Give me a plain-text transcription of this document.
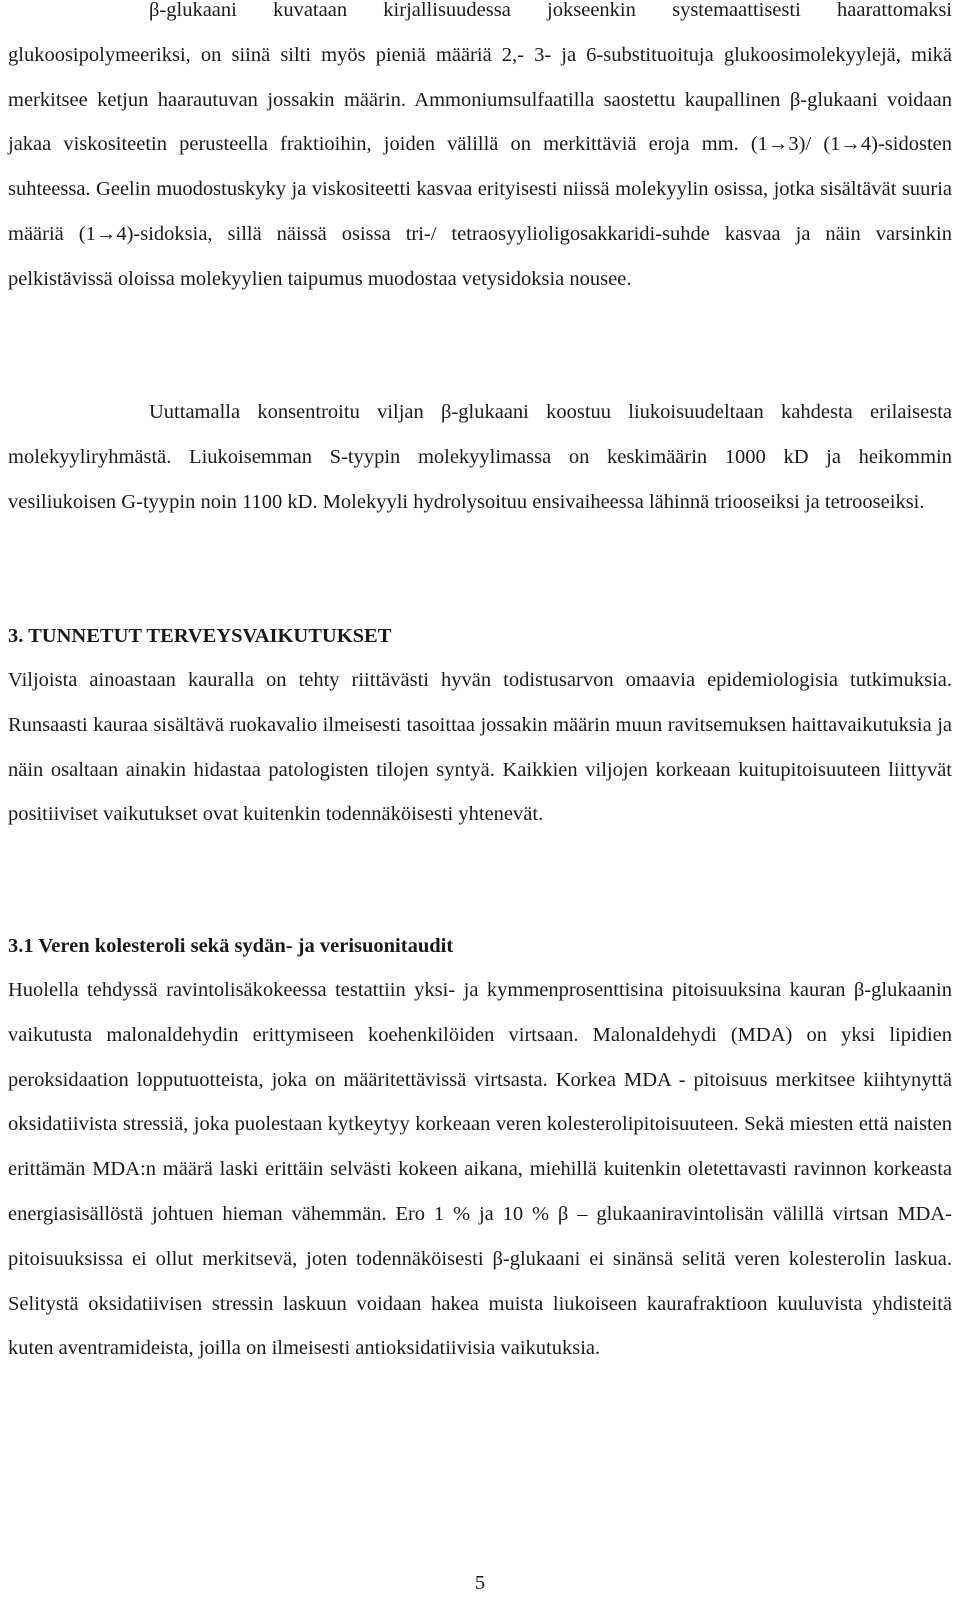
β-glukaani kuvataan kirjallisuudessa jokseenkin systemaattisesti haarattomaksi glukoosipolymeeriksi, on siinä silti myös pieniä määriä 2,- 3- ja 6-substituoituja glukoosimolekyylejä, mikä merkitsee ketjun haarautuvan jossakin määrin. Ammoniumsulfaatilla saostettu kaupallinen β-glukaani voidaan jakaa viskositeetin perusteella fraktioihin, joiden välillä on merkittäviä eroja mm. (1→3)/ (1→4)-sidosten suhteessa. Geelin muodostuskyky ja viskositeetti kasvaa erityisesti niissä molekyylin osissa, jotka sisältävät suuria määriä (1→4)-sidoksia, sillä näissä osissa tri-/ tetraosyylioligosakkaridi-suhde kasvaa ja näin varsinkin pelkistävissä oloissa molekyylien taipumus muodostaa vetysidoksia nousee.

Uuttamalla konsentroitu viljan β-glukaani koostuu liukoisuudeltaan kahdesta erilaisesta molekyyliryhmästä. Liukoisemman S-tyypin molekyylimassa on keskimäärin 1000 kD ja heikommin vesiliukoisen G-tyypin noin 1100 kD. Molekyyli hydrolysoituu ensivaiheessa lähinnä triooseiksi ja tetrooseiksi.

3. TUNNETUT TERVEYSVAIKUTUKSET

Viljoista ainoastaan kauralla on tehty riittävästi hyvän todistusarvon omaavia epidemiologisia tutkimuksia. Runsaasti kauraa sisältävä ruokavalio ilmeisesti tasoittaa jossakin määrin muun ravitsemuksen haittavaikutuksia ja näin osaltaan ainakin hidastaa patologisten tilojen syntyä. Kaikkien viljojen korkeaan kuitupitoisuuteen liittyvät positiiviset vaikutukset ovat kuitenkin todennäköisesti yhtenevät.

3.1 Veren kolesteroli sekä sydän- ja verisuonitaudit

Huolella tehdyssä ravintolisäkokeessa testattiin yksi- ja kymmenprosenttisina pitoisuuksina kauran β-glukaanin vaikutusta malonaldehydin erittymiseen koehenkilöiden virtsaan. Malonaldehydi (MDA) on yksi lipidien peroksidaation lopputuotteista, joka on määritettävissä virtsasta. Korkea MDA - pitoisuus merkitsee kiihtynyttä oksidatiivista stressiä, joka puolestaan kytkeytyy korkeaan veren kolesterolipitoisuuteen. Sekä miesten että naisten erittämän MDA:n määrä laski erittäin selvästi kokeen aikana, miehillä kuitenkin oletettavasti ravinnon korkeasta energiasisällöstä johtuen hieman vähemmän. Ero 1 % ja 10 % β – glukaaniravintolisän välillä virtsan MDA-pitoisuuksissa ei ollut merkitsevä, joten todennäköisesti β-glukaani ei sinänsä selitä veren kolesterolin laskua. Selitystä oksidatiivisen stressin laskuun voidaan hakea muista liukoiseen kaurafraktioon kuuluvista yhdisteitä kuten aventramideista, joilla on ilmeisesti antioksidatiivisia vaikutuksia.

5
